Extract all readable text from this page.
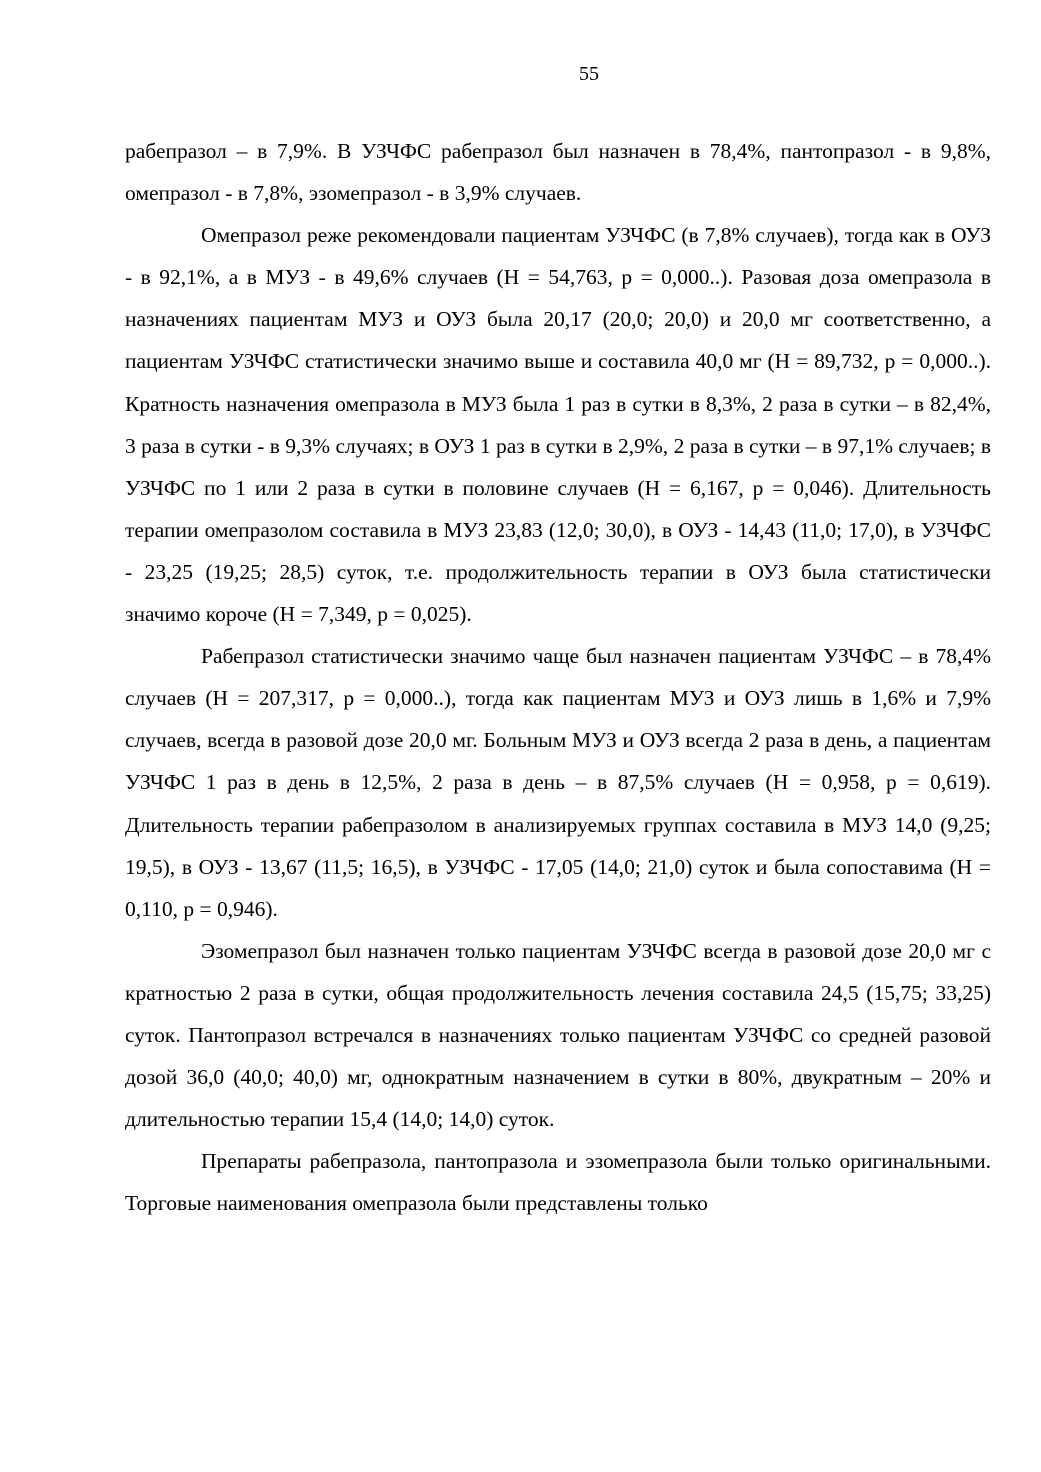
55

рабепразол – в 7,9%. В УЗЧФС рабепразол был назначен в 78,4%, пантопразол - в 9,8%, омепразол - в 7,8%, эзомепразол - в 3,9% случаев.

Омепразол реже рекомендовали пациентам УЗЧФС (в 7,8% случаев), тогда как в ОУЗ - в 92,1%, а в МУЗ - в 49,6% случаев (Н = 54,763, p = 0,000..). Разовая доза омепразола в назначениях пациентам МУЗ и ОУЗ была 20,17 (20,0; 20,0) и 20,0 мг соответственно, а пациентам УЗЧФС статистически значимо выше и составила 40,0 мг (Н = 89,732, p = 0,000..). Кратность назначения омепразола в МУЗ была 1 раз в сутки в 8,3%, 2 раза в сутки – в 82,4%, 3 раза в сутки - в 9,3% случаях; в ОУЗ 1 раз в сутки в 2,9%, 2 раза в сутки – в 97,1% случаев; в УЗЧФС по 1 или 2 раза в сутки в половине случаев (Н = 6,167, p = 0,046). Длительность терапии омепразолом составила в МУЗ 23,83 (12,0; 30,0), в ОУЗ - 14,43 (11,0; 17,0), в УЗЧФС - 23,25 (19,25; 28,5) суток, т.е. продолжительность терапии в ОУЗ была статистически значимо короче (Н = 7,349, p = 0,025).

Рабепразол статистически значимо чаще был назначен пациентам УЗЧФС – в 78,4% случаев (Н = 207,317, p = 0,000..), тогда как пациентам МУЗ и ОУЗ лишь в 1,6% и 7,9% случаев, всегда в разовой дозе 20,0 мг. Больным МУЗ и ОУЗ всегда 2 раза в день, а пациентам УЗЧФС 1 раз в день в 12,5%, 2 раза в день – в 87,5% случаев (Н = 0,958, p = 0,619). Длительность терапии рабепразолом в анализируемых группах составила в МУЗ 14,0 (9,25; 19,5), в ОУЗ - 13,67 (11,5; 16,5), в УЗЧФС - 17,05 (14,0; 21,0) суток и была сопоставима (Н = 0,110, p = 0,946).

Эзомепразол был назначен только пациентам УЗЧФС всегда в разовой дозе 20,0 мг с кратностью 2 раза в сутки, общая продолжительность лечения составила 24,5 (15,75; 33,25) суток. Пантопразол встречался в назначениях только пациентам УЗЧФС со средней разовой дозой 36,0 (40,0; 40,0) мг, однократным назначением в сутки в 80%, двукратным – 20% и длительностью терапии 15,4 (14,0; 14,0) суток.

Препараты рабепразола, пантопразола и эзомепразола были только оригинальными. Торговые наименования омепразола были представлены только
